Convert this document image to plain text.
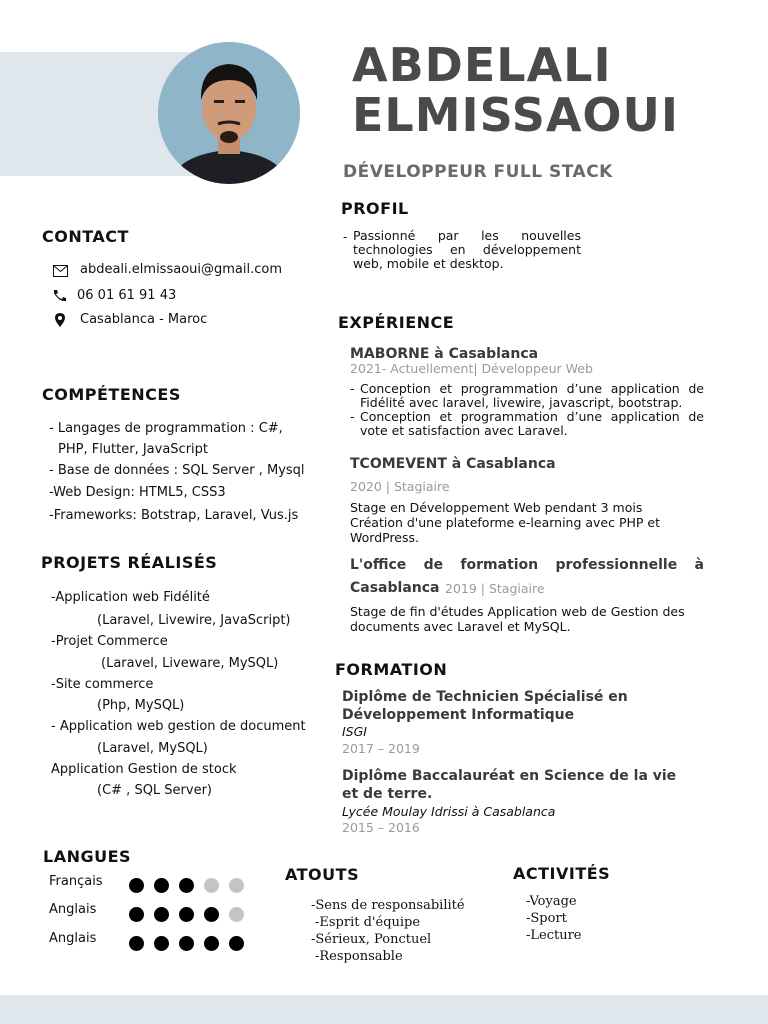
ABDELALI
ELMISSAOUI
DÉVELOPPEUR FULL STACK
CONTACT
abdeali.elmissaoui@gmail.com
06 01 61 91 43
Casablanca - Maroc
COMPÉTENCES
- Langages de programmation : C#,
PHP, Flutter, JavaScript
- Base de données : SQL Server , Mysql
-Web Design: HTML5, CSS3
-Frameworks: Botstrap, Laravel, Vus.js
PROJETS RÉALISÉS
-Application web Fidélité
(Laravel, Livewire, JavaScript)
-Projet Commerce
(Laravel, Liveware, MySQL)
-Site commerce
(Php, MySQL)
- Application web gestion de document
(Laravel, MySQL)
Application Gestion de stock
(C# , SQL Server)
PROFIL
- Passionné par les nouvelles technologies en développement web, mobile et desktop.
EXPÉRIENCE
MABORNE à Casablanca
2021- Actuellement| Développeur Web
- Conception et programmation d’une application de Fidélité avec laravel, livewire, javascript, bootstrap.
- Conception et programmation d’une application de vote et satisfaction avec Laravel.
TCOMEVENT à Casablanca
2020 | Stagiaire
Stage en Développement Web pendant 3 mois Création d'une plateforme e-learning avec PHP et WordPress.
L'office de formation professionnelle à
Casablanca 2019 | Stagiaire
Stage de fin d'études Application web de Gestion des documents avec Laravel et MySQL.
FORMATION
Diplôme de Technicien Spécialisé en Développement Informatique
ISGI
2017 – 2019
Diplôme Baccalauréat en Science de la vie et de terre.
Lycée Moulay Idrissi à Casablanca
2015 – 2016
LANGUES
Français
Anglais
Anglais
ATOUTS
-Sens de responsabilité
-Esprit d'équipe
-Sérieux, Ponctuel
-Responsable
ACTIVITÉS
-Voyage
-Sport
-Lecture
